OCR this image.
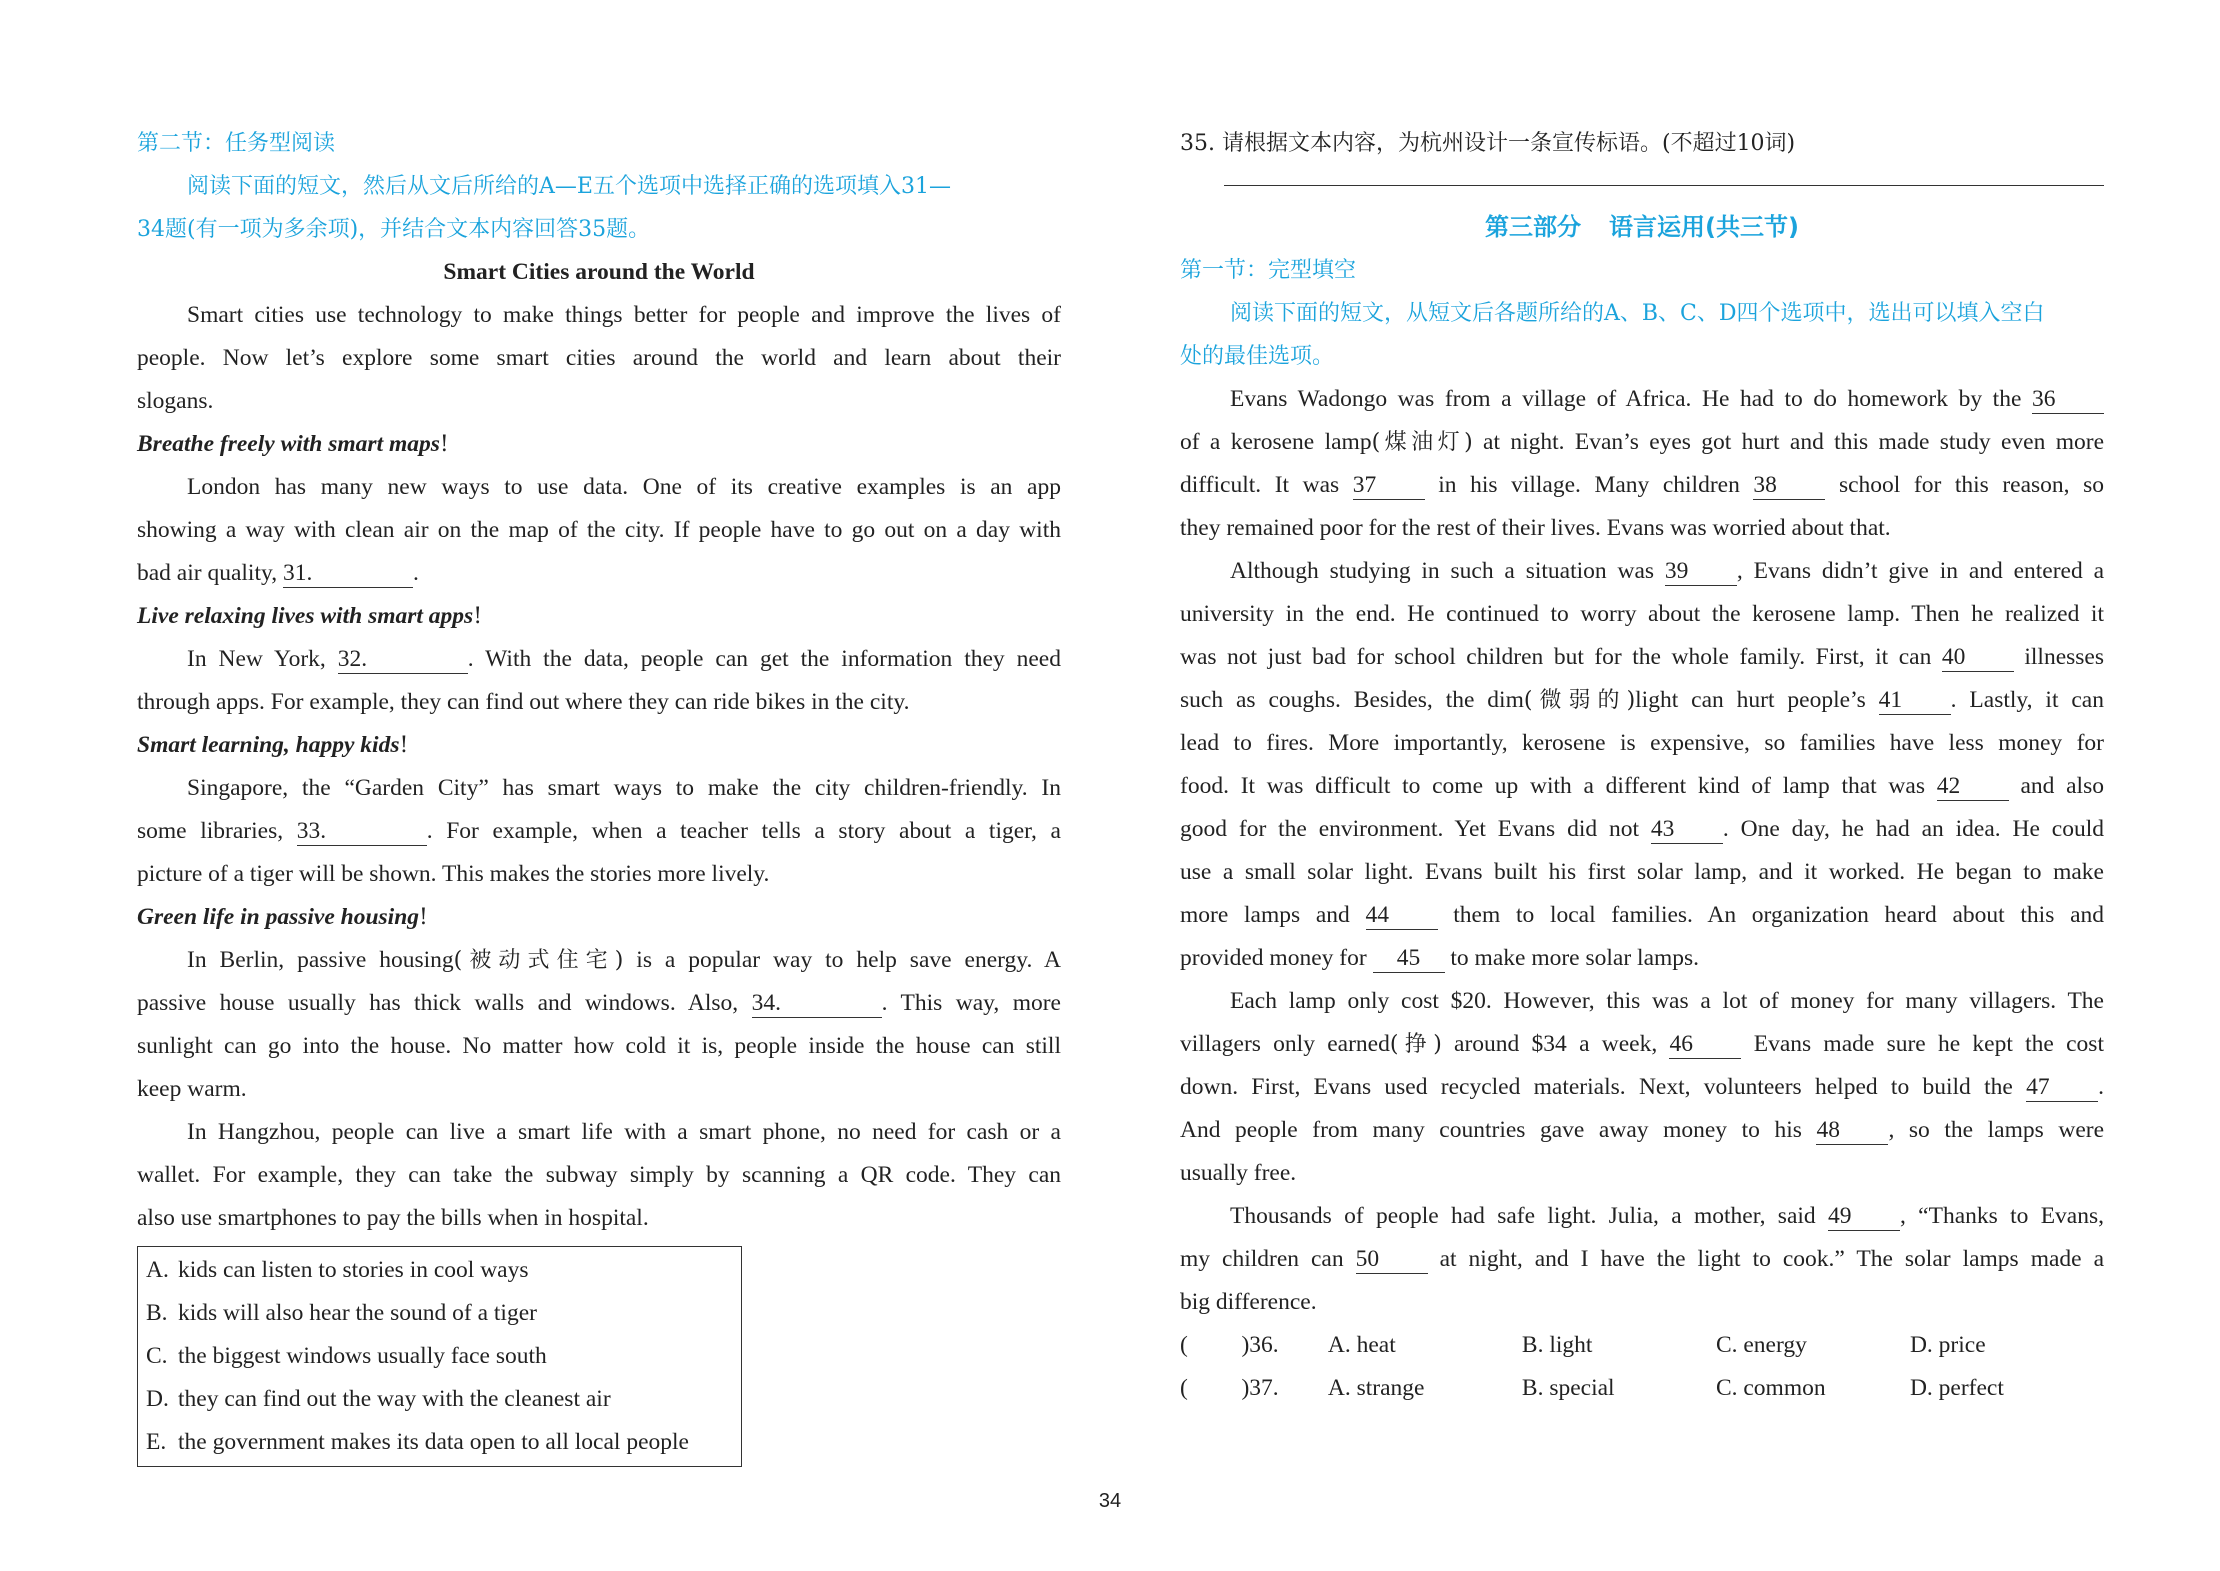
第二节：任务型阅读
阅读下面的短文，然后从文后所给的A—E五个选项中选择正确的选项填入31—
34题(有一项为多余项)，并结合文本内容回答35题。
Smart Cities around the World
Smart cities use technology to make things better for people and improve the lives of
people. Now let’s explore some smart cities around the world and learn about their
slogans.
Breathe freely with smart maps!
London has many new ways to use data. One of its creative examples is an app
showing a way with clean air on the map of the city. If people have to go out on a day with
bad air quality, 31.	.
Live relaxing lives with smart apps!
In New York, 32.	. With the data, people can get the information they need
through apps. For example, they can find out where they can ride bikes in the city.
Smart learning, happy kids!
Singapore, the “Garden City” has smart ways to make the city children-friendly. In
some libraries, 33.	. For example, when a teacher tells a story about a tiger, a
picture of a tiger will be shown. This makes the stories more lively.
Green life in passive housing!
In Berlin, passive housing(被动式住宅) is a popular way to help save energy. A
passive house usually has thick walls and windows. Also, 34.	. This way, more
sunlight can go into the house. No matter how cold it is, people inside the house can still
keep warm.
In Hangzhou, people can live a smart life with a smart phone, no need for cash or a
wallet. For example, they can take the subway simply by scanning a QR code. They can
also use smartphones to pay the bills when in hospital.
A. kids can listen to stories in cool ways
B. kids will also hear the sound of a tiger
C. the biggest windows usually face south
D. they can find out the way with the cleanest air
E. the government makes its data open to all local people
35. 请根据文本内容，为杭州设计一条宣传标语。(不超过10词)
第三部分 语言运用(共三节)
第一节：完型填空
阅读下面的短文，从短文后各题所给的A、B、C、D四个选项中，选出可以填入空白
处的最佳选项。
Evans Wadongo was from a village of Africa. He had to do homework by the 36
of a kerosene lamp(煤油灯) at night. Evan’s eyes got hurt and this made study even more
difficult. It was 37 in his village. Many children 38 school for this reason, so
they remained poor for the rest of their lives. Evans was worried about that.
Although studying in such a situation was 39 , Evans didn’t give in and entered a
university in the end. He continued to worry about the kerosene lamp. Then he realized it
was not just bad for school children but for the whole family. First, it can 40 illnesses
such as coughs. Besides, the dim(微弱的)light can hurt people’s 41 . Lastly, it can
lead to fires. More importantly, kerosene is expensive, so families have less money for
food. It was difficult to come up with a different kind of lamp that was 42 and also
good for the environment. Yet Evans did not 43 . One day, he had an idea. He could
use a small solar light. Evans built his first solar lamp, and it worked. He began to make
more lamps and 44 them to local families. An organization heard about this and
provided money for 45 to make more solar lamps.
Each lamp only cost $20. However, this was a lot of money for many villagers. The
villagers only earned(挣) around $34 a week, 46 Evans made sure he kept the cost
down. First, Evans used recycled materials. Next, volunteers helped to build the 47 .
And people from many countries gave away money to his 48 , so the lamps were
usually free.
Thousands of people had safe light. Julia, a mother, said 49 , “Thanks to Evans,
my children can 50 at night, and I have the light to cook.” The solar lamps made a
big difference.
(	)36.	A. heat	B. light	C. energy	D. price
(	)37.	A. strange	B. special	C. common	D. perfect
34
